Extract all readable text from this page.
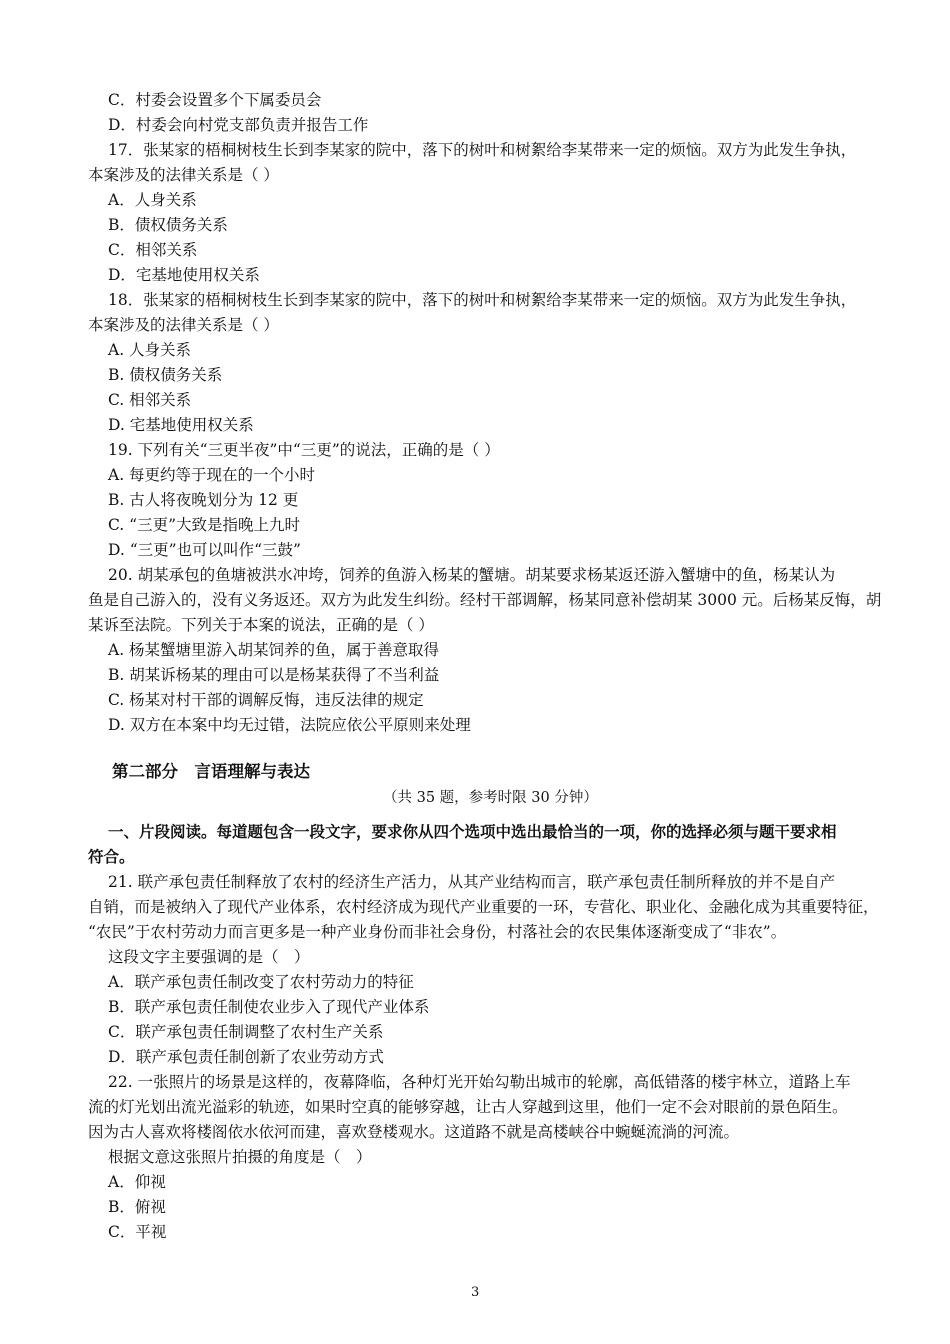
C．村委会设置多个下属委员会
D．村委会向村党支部负责并报告工作
17．张某家的梧桐树枝生长到李某家的院中，落下的树叶和树絮给李某带来一定的烦恼。双方为此发生争执，
本案涉及的法律关系是（ ）
A．人身关系
B．债权债务关系
C．相邻关系
D．宅基地使用权关系
18．张某家的梧桐树枝生长到李某家的院中，落下的树叶和树絮给李某带来一定的烦恼。双方为此发生争执，
本案涉及的法律关系是（ ）
A. 人身关系
B. 债权债务关系
C. 相邻关系
D. 宅基地使用权关系
19. 下列有关“三更半夜”中“三更”的说法，正确的是（ ）
A. 每更约等于现在的一个小时
B. 古人将夜晚划分为 12 更
C. “三更”大致是指晚上九时
D. “三更”也可以叫作“三鼓”
20. 胡某承包的鱼塘被洪水冲垮，饲养的鱼游入杨某的蟹塘。胡某要求杨某返还游入蟹塘中的鱼，杨某认为
鱼是自己游入的，没有义务返还。双方为此发生纠纷。经村干部调解，杨某同意补偿胡某 3000 元。后杨某反悔，胡
某诉至法院。下列关于本案的说法，正确的是（ ）
A. 杨某蟹塘里游入胡某饲养的鱼，属于善意取得
B. 胡某诉杨某的理由可以是杨某获得了不当利益
C. 杨某对村干部的调解反悔，违反法律的规定
D. 双方在本案中均无过错，法院应依公平原则来处理
第二部分　言语理解与表达
（共 35 题，参考时限 30 分钟）
一、片段阅读。每道题包含一段文字，要求你从四个选项中选出最恰当的一项，你的选择必须与题干要求相
符合。
21. 联产承包责任制释放了农村的经济生产活力，从其产业结构而言，联产承包责任制所释放的并不是自产
自销，而是被纳入了现代产业体系，农村经济成为现代产业重要的一环，专营化、职业化、金融化成为其重要特征，
“农民”于农村劳动力而言更多是一种产业身份而非社会身份，村落社会的农民集体逐渐变成了“非农”。
这段文字主要强调的是（　）
A．联产承包责任制改变了农村劳动力的特征
B．联产承包责任制使农业步入了现代产业体系
C．联产承包责任制调整了农村生产关系
D．联产承包责任制创新了农业劳动方式
22. 一张照片的场景是这样的，夜幕降临，各种灯光开始勾勒出城市的轮廓，高低错落的楼宇林立，道路上车
流的灯光划出流光溢彩的轨迹，如果时空真的能够穿越，让古人穿越到这里，他们一定不会对眼前的景色陌生。
因为古人喜欢将楼阁依水依河而建，喜欢登楼观水。这道路不就是高楼峡谷中蜿蜒流淌的河流。
根据文意这张照片拍摄的角度是（　）
A．仰视
B．俯视
C．平视
3
